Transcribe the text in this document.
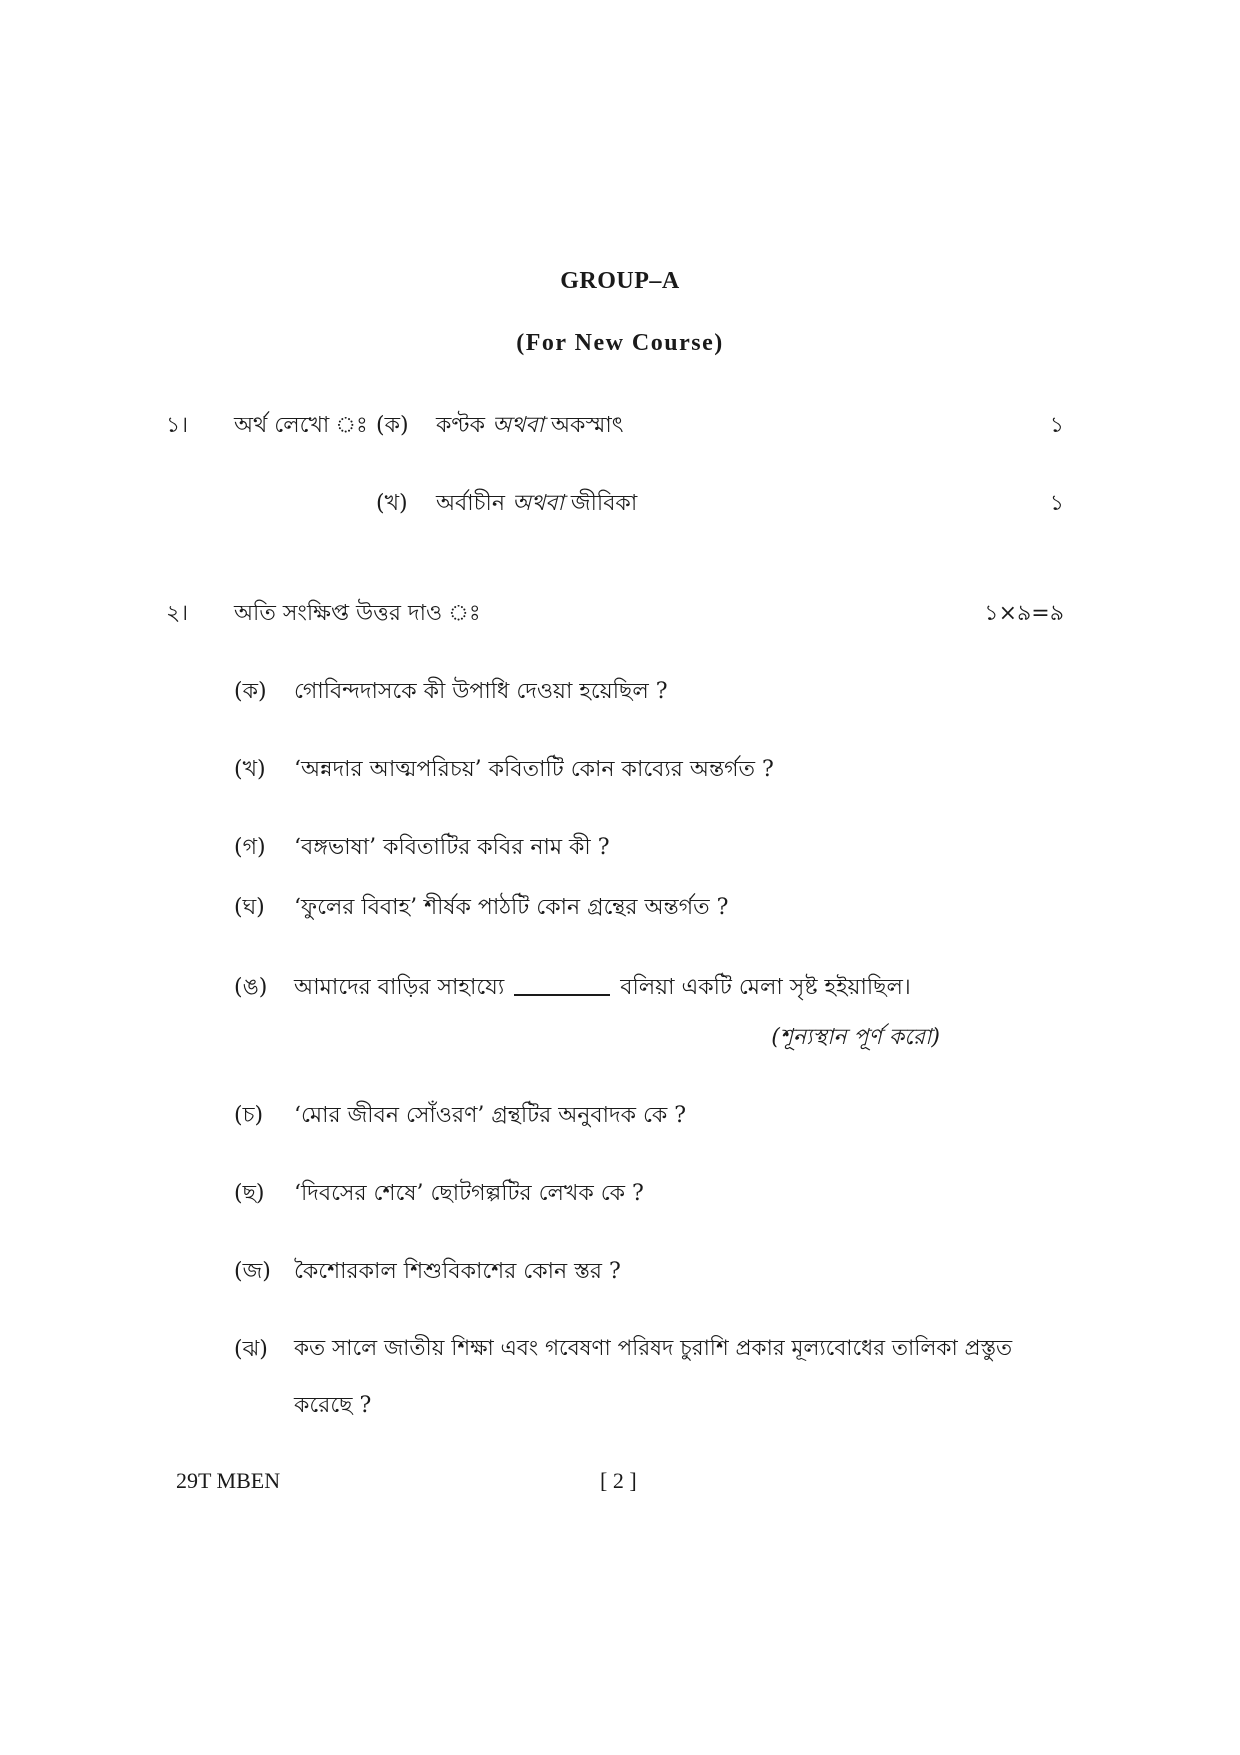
GROUP–A
(For New Course)
১। অর্থ লেখো ঃ (ক) কণ্টক অথবা অকস্মাৎ	১
(খ) অর্বাচীন অথবা জীবিকা	১
২। অতি সংক্ষিপ্ত উত্তর দাও ঃ	১×৯=৯
(ক) গোবিন্দদাসকে কী উপাধি দেওয়া হয়েছিল ?
(খ) ‘অন্নদার আত্মপরিচয়’ কবিতাটি কোন কাব্যের অন্তর্গত ?
(গ) ‘বঙ্গভাষা’ কবিতাটির কবির নাম কী ?
(ঘ) ‘ফুলের বিবাহ’ শীর্ষক পাঠটি কোন গ্রন্থের অন্তর্গত ?
(ঙ) আমাদের বাড়ির সাহায্যে	বলিয়া একটি মেলা সৃষ্ট হইয়াছিল।
(শূন্যস্থান পূর্ণ করো)
(চ) ‘মোর জীবন সোঁওরণ’ গ্রন্থটির অনুবাদক কে ?
(ছ) ‘দিবসের শেষে’ ছোটগল্পটির লেখক কে ?
(জ) কৈশোরকাল শিশুবিকাশের কোন স্তর ?
(ঝ) কত সালে জাতীয় শিক্ষা এবং গবেষণা পরিষদ চুরাশি প্রকার মূল্যবোধের তালিকা প্রস্তুত
করেছে ?
29T MBEN	[ 2 ]
